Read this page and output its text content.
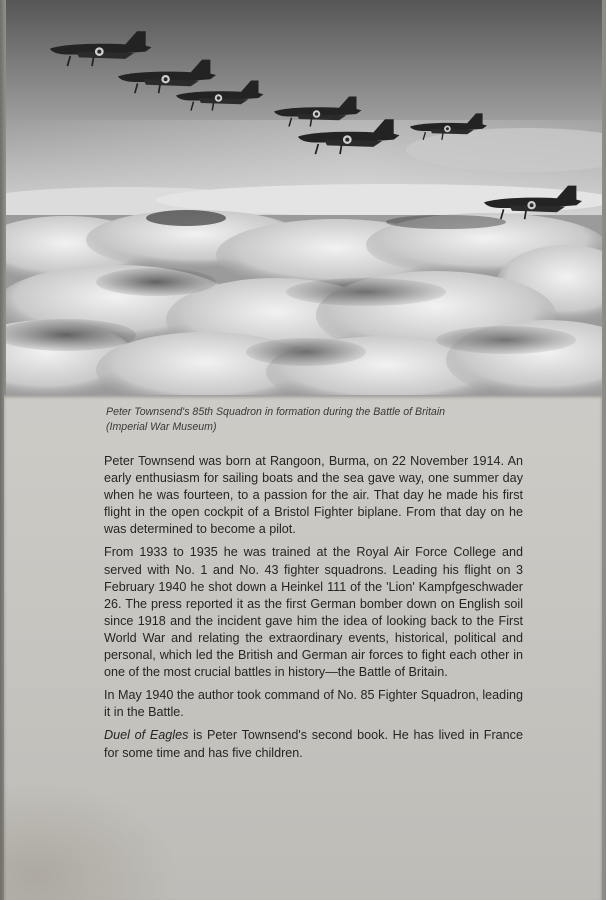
Peter Townsend's 85th Squadron in formation during the Battle of Britain
(Imperial War Museum)

Peter Townsend was born at Rangoon, Burma, on 22 November 1914. An early enthusiasm for sailing boats and the sea gave way, one summer day when he was fourteen, to a passion for the air. That day he made his first flight in the open cockpit of a Bristol Fighter biplane. From that day on he was determined to become a pilot.

From 1933 to 1935 he was trained at the Royal Air Force College and served with No. 1 and No. 43 fighter squadrons. Leading his flight on 3 February 1940 he shot down a Heinkel 111 of the 'Lion' Kampfgeschwader 26. The press reported it as the first German bomber down on English soil since 1918 and the incident gave him the idea of looking back to the First World War and relating the extraordinary events, historical, political and personal, which led the British and German air forces to fight each other in one of the most crucial battles in history—the Battle of Britain.

In May 1940 the author took command of No. 85 Fighter Squadron, leading it in the Battle.

Duel of Eagles is Peter Townsend's second book. He has lived in France for some time and has five children.
